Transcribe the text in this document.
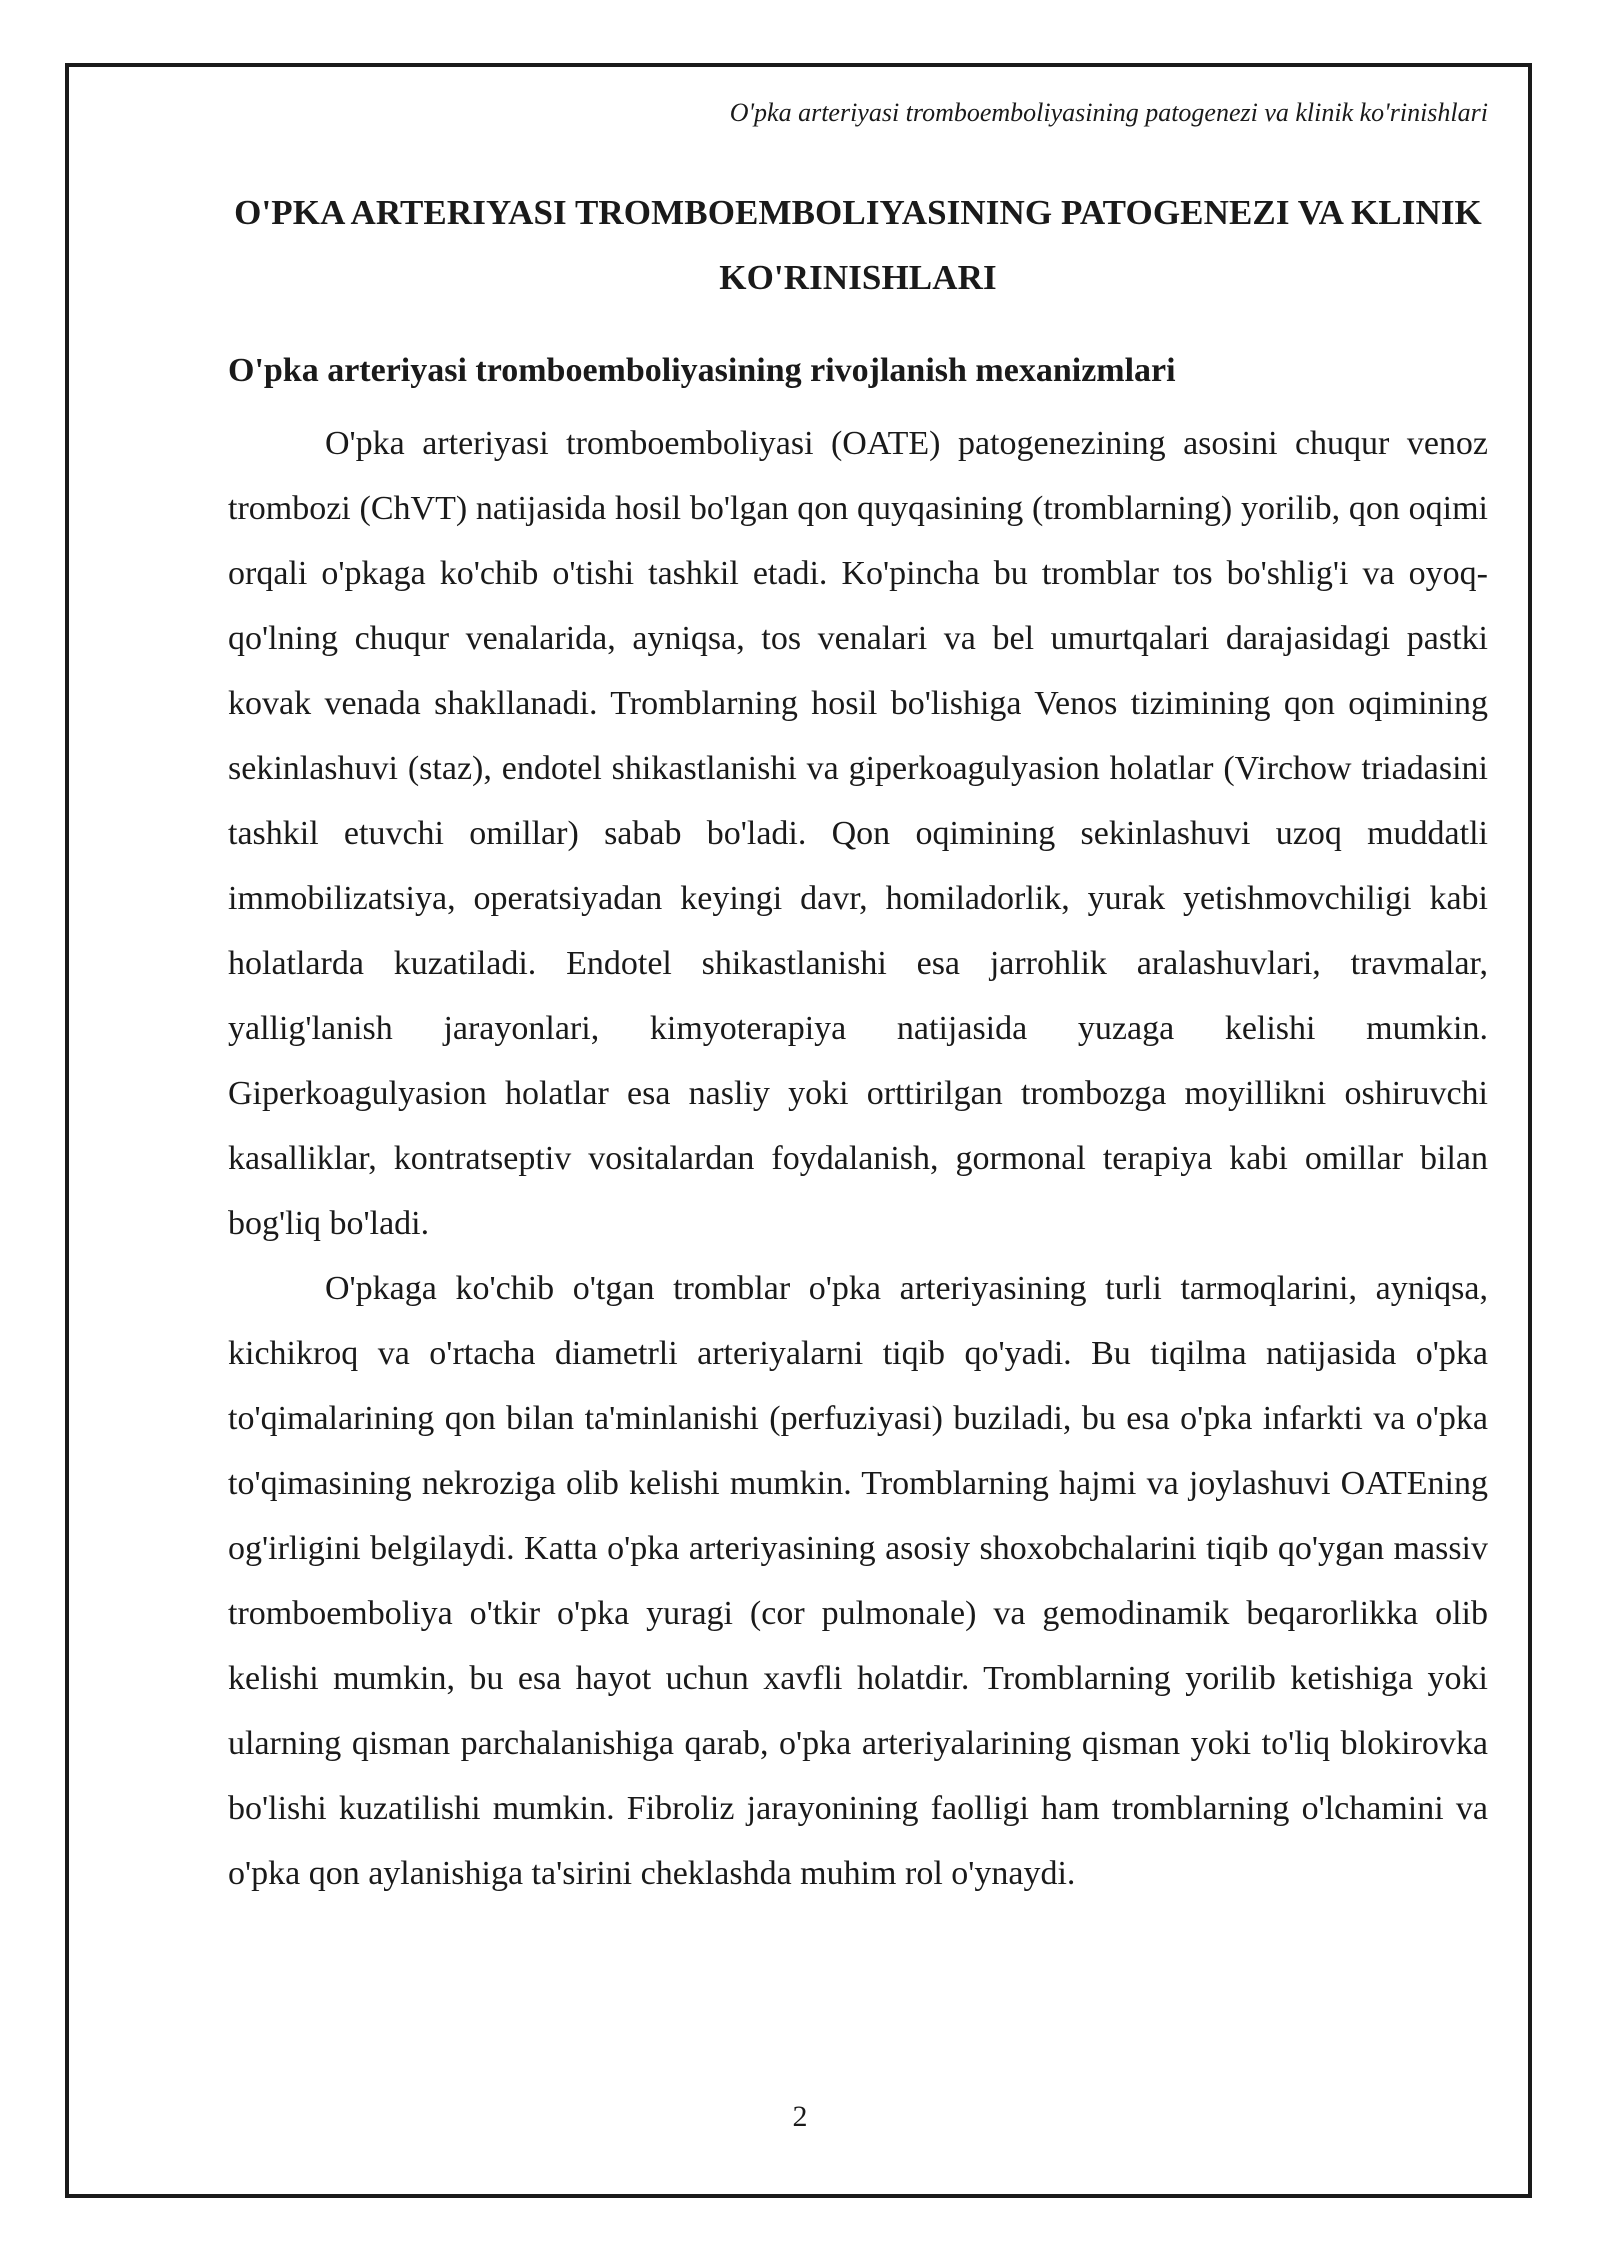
O'pka arteriyasi tromboemboliyasining patogenezi va klinik ko'rinishlari
O'PKA ARTERIYASI TROMBOEMBOLIYASINING PATOGENEZI VA KLINIK KO'RINISHLARI
O'pka arteriyasi tromboemboliyasining rivojlanish mexanizmlari

O'pka arteriyasi tromboemboliyasi (OATE) patogenezining asosini chuqur venoz trombozi (ChVT) natijasida hosil bo'lgan qon quyqasining (tromblarning) yorilib, qon oqimi orqali o'pkaga ko'chib o'tishi tashkil etadi. Ko'pincha bu tromblar tos bo'shlig'i va oyoq-qo'lning chuqur venalarida, ayniqsa, tos venalari va bel umurtqalari darajasidagi pastki kovak venada shakllanadi. Tromblarning hosil bo'lishiga Venos tizimining qon oqimining sekinlashuvi (staz), endotel shikastlanishi va giperkoagulyasion holatlar (Virchow triadasini tashkil etuvchi omillar) sabab bo'ladi. Qon oqimining sekinlashuvi uzoq muddatli immobilizatsiya, operatsiyadan keyingi davr, homiladorlik, yurak yetishmovchiligi kabi holatlarda kuzatiladi. Endotel shikastlanishi esa jarrohlik aralashuvlari, travmalar, yallig'lanish jarayonlari, kimyoterapiya natijasida yuzaga kelishi mumkin. Giperkoagulyasion holatlar esa nasliy yoki orttirilgan trombozga moyillikni oshiruvchi kasalliklar, kontratseptiv vositalardan foydalanish, gormonal terapiya kabi omillar bilan bog'liq bo'ladi.

O'pkaga ko'chib o'tgan tromblar o'pka arteriyasining turli tarmoqlarini, ayniqsa, kichikroq va o'rtacha diametrli arteriyalarni tiqib qo'yadi. Bu tiqilma natijasida o'pka to'qimalarining qon bilan ta'minlanishi (perfuziyasi) buziladi, bu esa o'pka infarkti va o'pka to'qimasining nekroziga olib kelishi mumkin. Tromblarning hajmi va joylashuvi OATEning og'irligini belgilaydi. Katta o'pka arteriyasining asosiy shoxobchalarini tiqib qo'ygan massiv tromboemboliya o'tkir o'pka yuragi (cor pulmonale) va gemodinamik beqarorlikka olib kelishi mumkin, bu esa hayot uchun xavfli holatdir. Tromblarning yorilib ketishiga yoki ularning qisman parchalanishiga qarab, o'pka arteriyalarining qisman yoki to'liq blokirovka bo'lishi kuzatilishi mumkin. Fibroliz jarayonining faolligi ham tromblarning o'lchamini va o'pka qon aylanishiga ta'sirini cheklashda muhim rol o'ynaydi.

2
